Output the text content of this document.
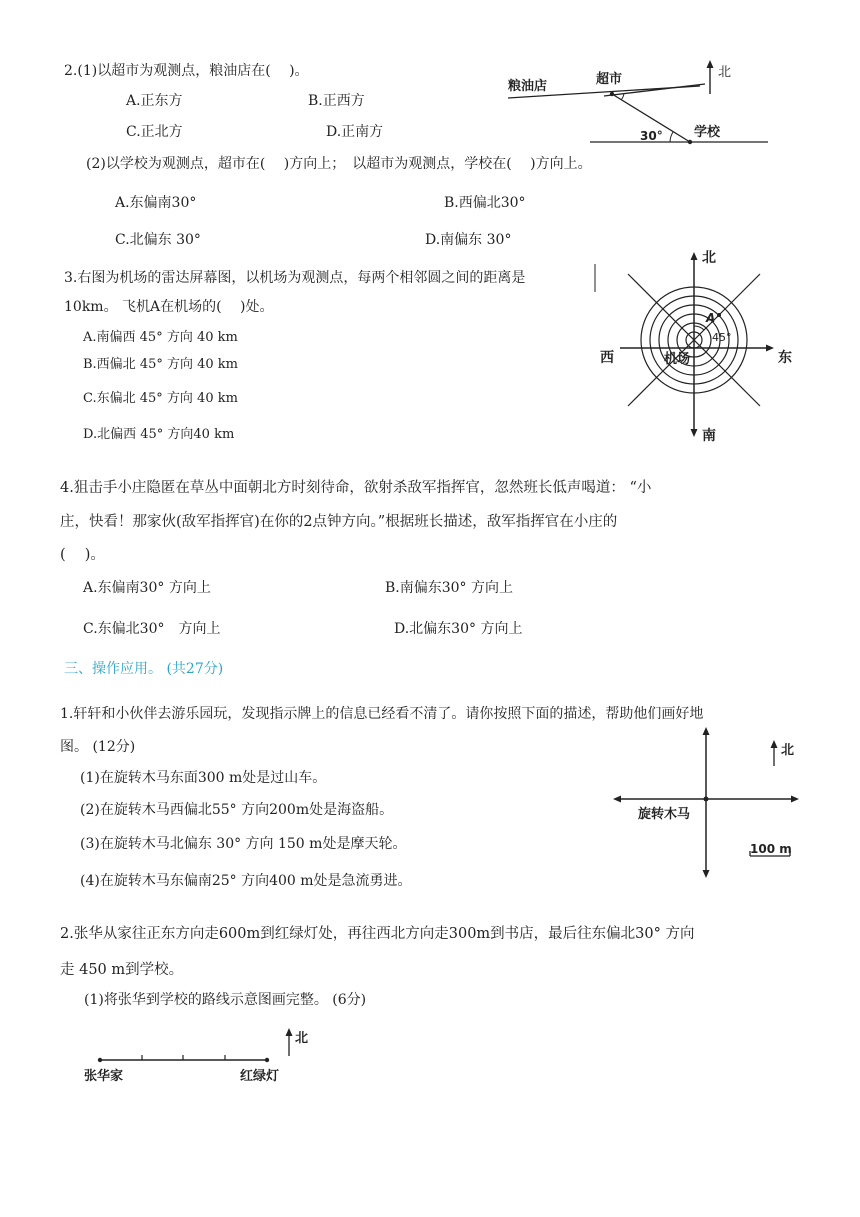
2.(1)以超市为观测点，粮油店在(　 )。
A.正东方	B.正西方
C.正北方	D.正南方
北
粮油店	超市
30° 学校
(2)以学校为观测点，超市在(　 )方向上；　以超市为观测点，学校在(　 )方向上。
A.东偏南30°	B.西偏北30°
C.北偏东 30°	D.南偏东 30°
3.右图为机场的雷达屏幕图，以机场为观测点，每两个相邻圆之间的距离是
10km。 飞机A在机场的(　 )处。
A.南偏西 45° 方向 40 km
B.西偏北 45° 方向 40 km
C.东偏北 45° 方向 40 km
D.北偏西 45° 方向40 km
北
南
西	东
机场
A
45°
4.狙击手小庄隐匿在草丛中面朝北方时刻待命，欲射杀敌军指挥官，忽然班长低声喝道： “小
庄，快看！那家伙(敌军指挥官)在你的2点钟方向。”根据班长描述，敌军指挥官在小庄的
(　 )。
A.东偏南30° 方向上	B.南偏东30° 方向上
C.东偏北30°　方向上	D.北偏东30° 方向上
三、操作应用。 (共27分)
1.轩轩和小伙伴去游乐园玩，发现指示牌上的信息已经看不清了。请你按照下面的描述，帮助他们画好地
图。 (12分)
(1)在旋转木马东面300 m处是过山车。
(2)在旋转木马西偏北55° 方向200m处是海盗船。
(3)在旋转木马北偏东 30° 方向 150 m处是摩天轮。
(4)在旋转木马东偏南25° 方向400 m处是急流勇进。
北
旋转木马
100 m
2.张华从家往正东方向走600m到红绿灯处，再往西北方向走300m到书店，最后往东偏北30° 方向
走 450 m到学校。
(1)将张华到学校的路线示意图画完整。 (6分)
北
张华家	红绿灯
